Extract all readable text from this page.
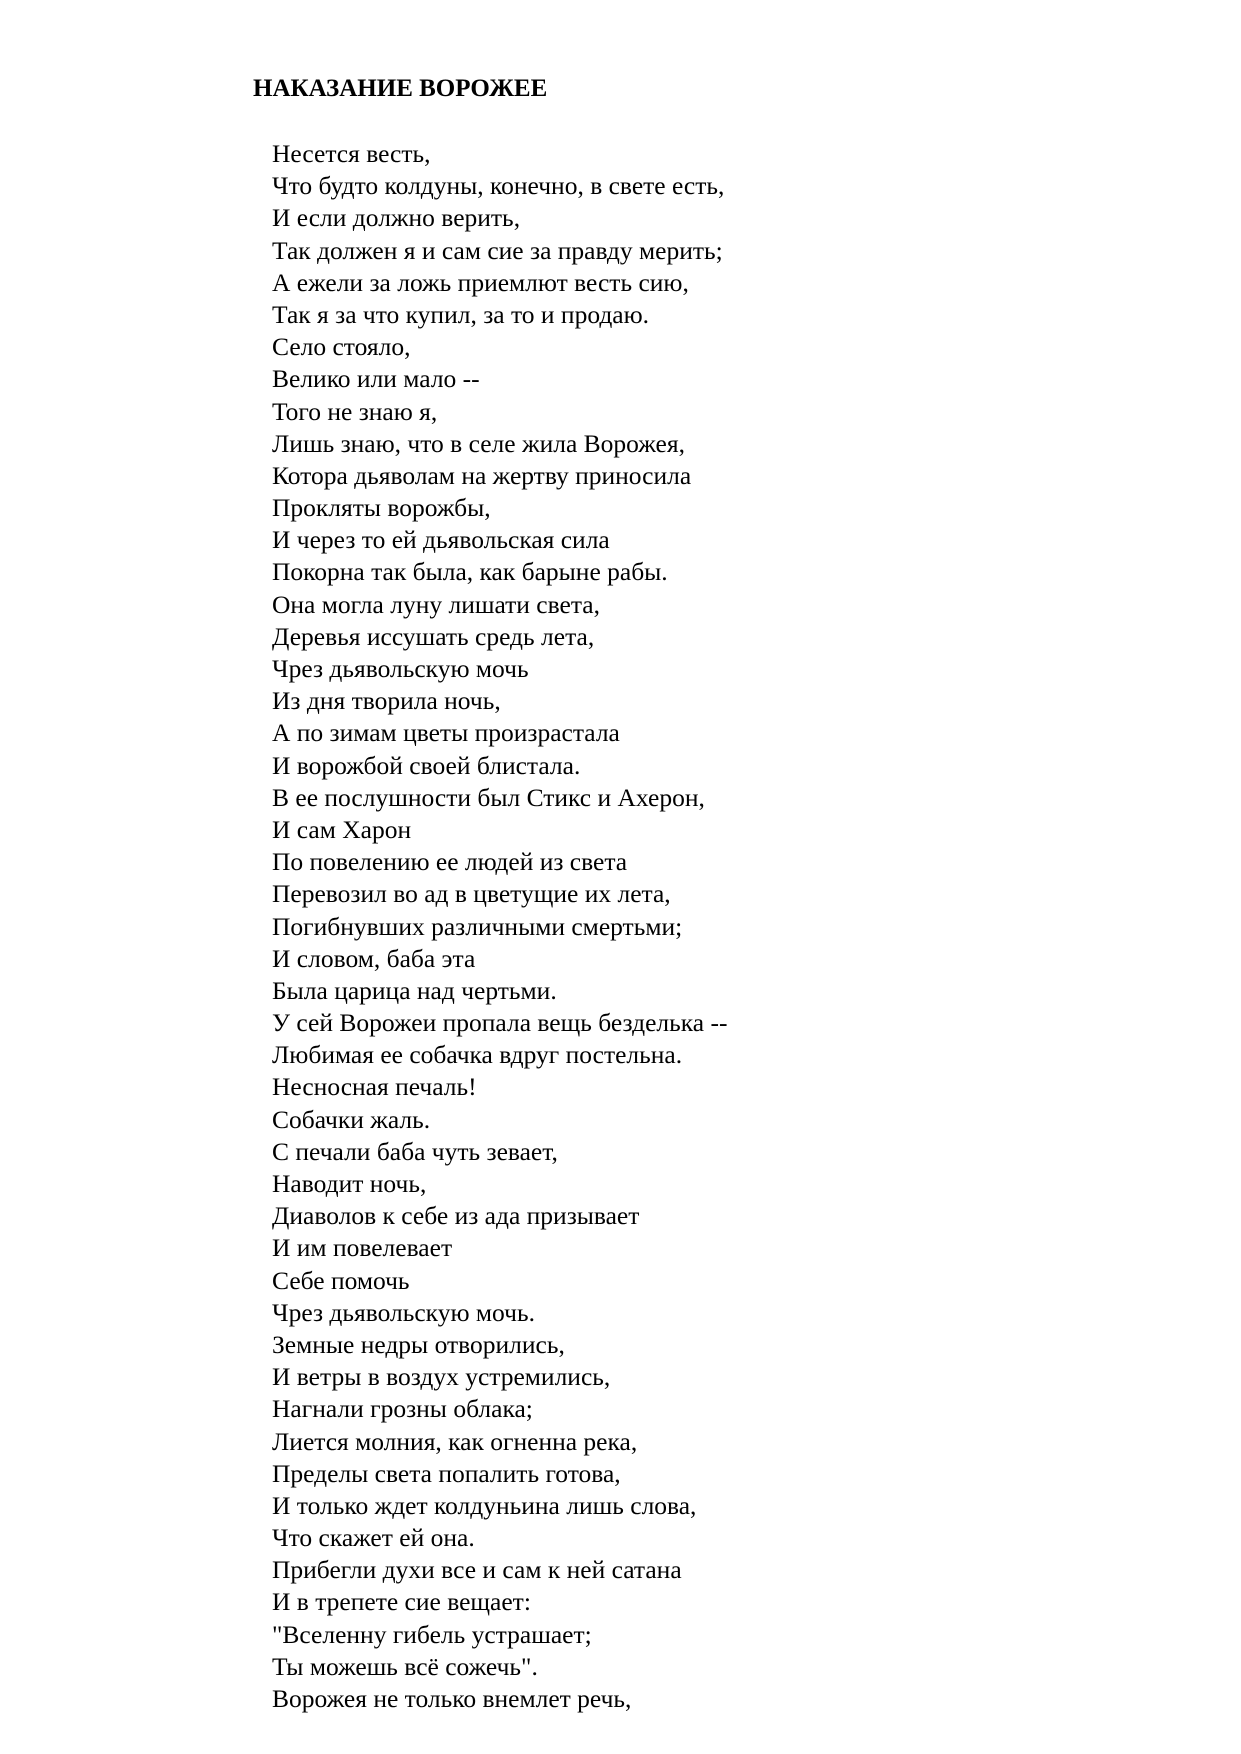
НАКАЗАНИЕ ВОРОЖЕЕ
Несется весть,
Что будто колдуны, конечно, в свете есть,
И если должно верить,
Так должен я и сам сие за правду мерить;
А ежели за ложь приемлют весть сию,
Так я за что купил, за то и продаю.
Село стояло,
Велико или мало --
Того не знаю я,
Лишь знаю, что в селе жила Ворожея,
Котора дьяволам на жертву приносила
Прокляты ворожбы,
И через то ей дьявольская сила
Покорна так была, как барыне рабы.
Она могла луну лишати света,
Деревья иссушать средь лета,
Чрез дьявольскую мочь
Из дня творила ночь,
А по зимам цветы произрастала
И ворожбой своей блистала.
В ее послушности был Стикс и Ахерон,
И сам Харон
По повелению ее людей из света
Перевозил во ад в цветущие их лета,
Погибнувших различными смертьми;
И словом, баба эта
Была царица над чертьми.
У сей Ворожеи пропала вещь безделька --
Любимая ее собачка вдруг постельна.
Несносная печаль!
Собачки жаль.
С печали баба чуть зевает,
Наводит ночь,
Диаволов к себе из ада призывает
И им повелевает
Себе помочь
Чрез дьявольскую мочь.
Земные недры отворились,
И ветры в воздух устремились,
Нагнали грозны облака;
Лиется молния, как огненна река,
Пределы света попалить готова,
И только ждет колдуньина лишь слова,
Что скажет ей она.
Прибегли духи все и сам к ней сатана
И в трепете сие вещает:
"Вселенну гибель устрашает;
Ты можешь всё сожечь".
Ворожея не только внемлет речь,
